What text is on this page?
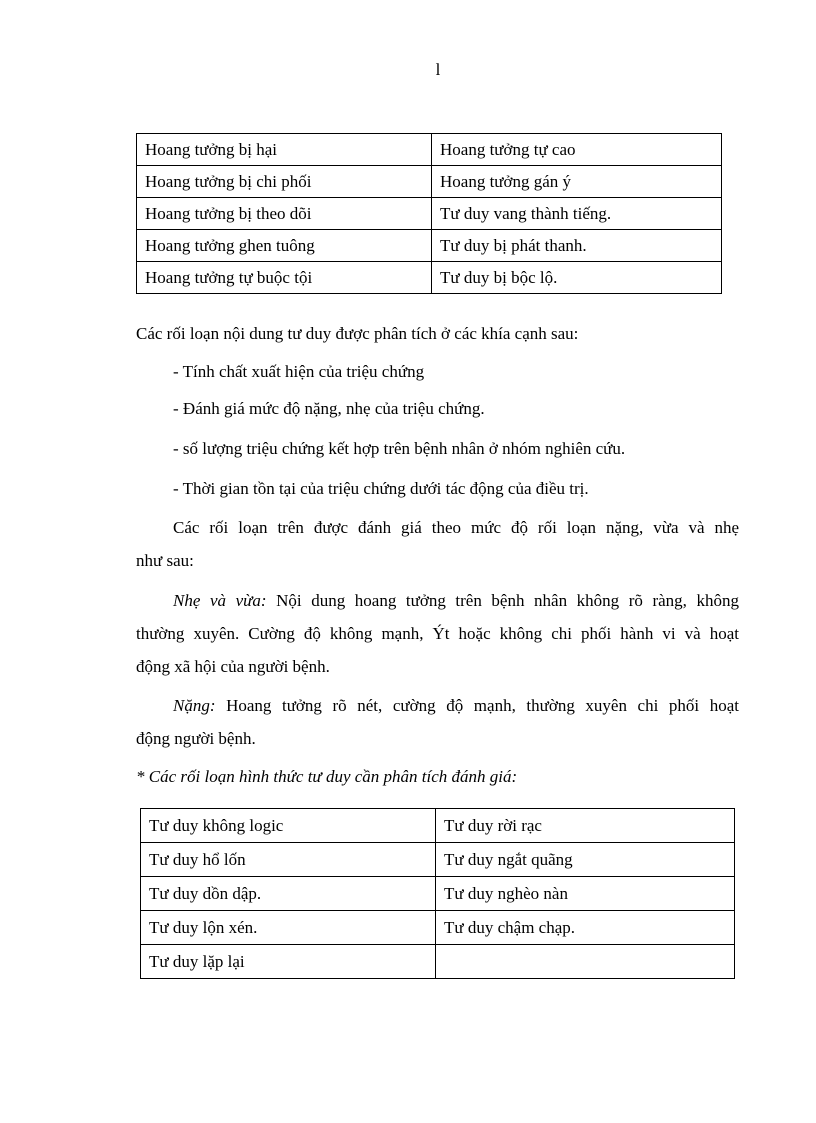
l
Hoang tưởng bị hại	Hoang tưởng tự cao
Hoang tưởng bị chi phối	Hoang tưởng gán ý
Hoang tưởng bị theo dõi	Tư duy vang thành tiếng.
Hoang tưởng ghen tuông	Tư duy bị phát thanh.
Hoang tưởng tự buộc tội	Tư duy bị bộc lộ.
Các rối loạn nội dung tư duy được phân tích ở các khía cạnh sau:
- Tính chất xuất hiện của triệu chứng
- Đánh giá mức độ nặng, nhẹ của triệu chứng.
- số lượng triệu chứng kết hợp trên bệnh nhân ở nhóm nghiên cứu.
- Thời gian tồn tại của triệu chứng dưới tác động của điều trị.
Các rối loạn trên được đánh giá theo mức độ rối loạn nặng, vừa và nhẹ
như sau:
Nhẹ và vừa: Nội dung hoang tưởng trên bệnh nhân không rõ ràng, không
thường xuyên. Cường độ không mạnh, Ýt hoặc không chi phối hành vi và hoạt
động xã hội của người bệnh.
Nặng: Hoang tưởng rõ nét, cường độ mạnh, thường xuyên chi phối hoạt
động người bệnh.
* Các rối loạn hình thức tư duy cần phân tích đánh giá:
Tư duy không logic	Tư duy rời rạc
Tư duy hổ lốn	Tư duy ngắt quãng
Tư duy dồn dập.	Tư duy nghèo nàn
Tư duy lộn xén.	Tư duy chậm chạp.
Tư duy lặp lại	
